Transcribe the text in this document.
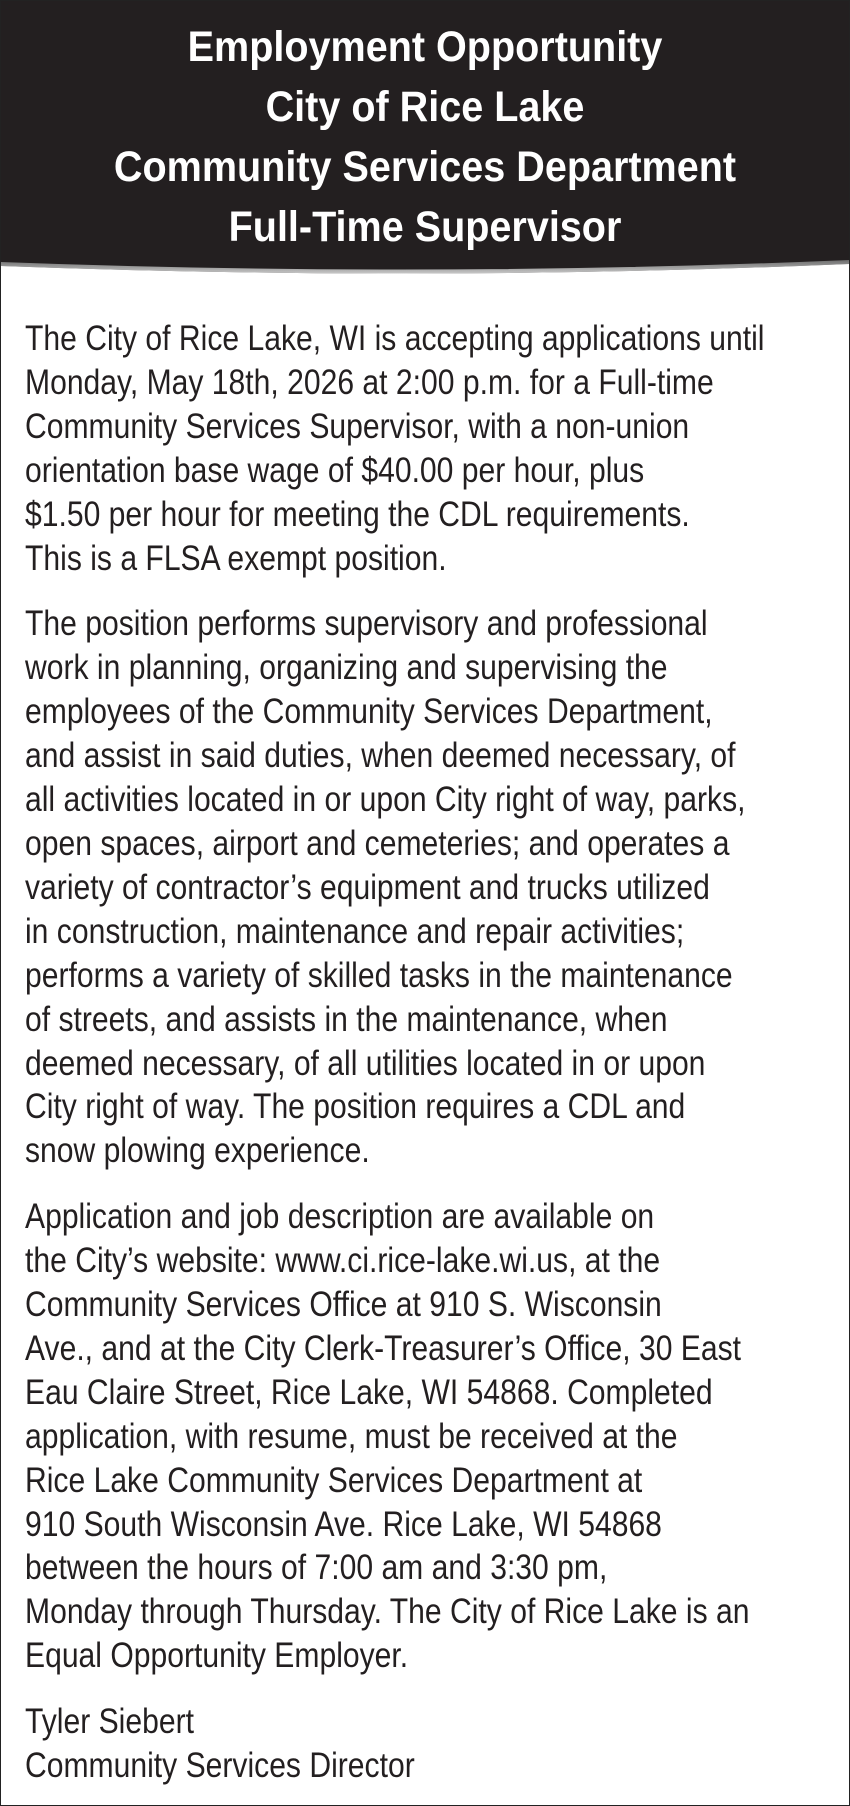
Employment Opportunity
City of Rice Lake
Community Services Department
Full-Time Supervisor
The City of Rice Lake, WI is accepting applications until
Monday, May 18th, 2026 at 2:00 p.m. for a Full-time
Community Services Supervisor, with a non-union
orientation base wage of $40.00 per hour, plus
$1.50 per hour for meeting the CDL requirements.
This is a FLSA exempt position.
The position performs supervisory and professional
work in planning, organizing and supervising the
employees of the Community Services Department,
and assist in said duties, when deemed necessary, of
all activities located in or upon City right of way, parks,
open spaces, airport and cemeteries; and operates a
variety of contractor’s equipment and trucks utilized
in construction, maintenance and repair activities;
performs a variety of skilled tasks in the maintenance
of streets, and assists in the maintenance, when
deemed necessary, of all utilities located in or upon
City right of way. The position requires a CDL and
snow plowing experience.
Application and job description are available on
the City’s website: www.ci.rice-lake.wi.us, at the
Community Services Office at 910 S. Wisconsin
Ave., and at the City Clerk-Treasurer’s Office, 30 East
Eau Claire Street, Rice Lake, WI 54868. Completed
application, with resume, must be received at the
Rice Lake Community Services Department at
910 South Wisconsin Ave. Rice Lake, WI 54868
between the hours of 7:00 am and 3:30 pm,
Monday through Thursday. The City of Rice Lake is an
Equal Opportunity Employer.
Tyler Siebert
Community Services Director
